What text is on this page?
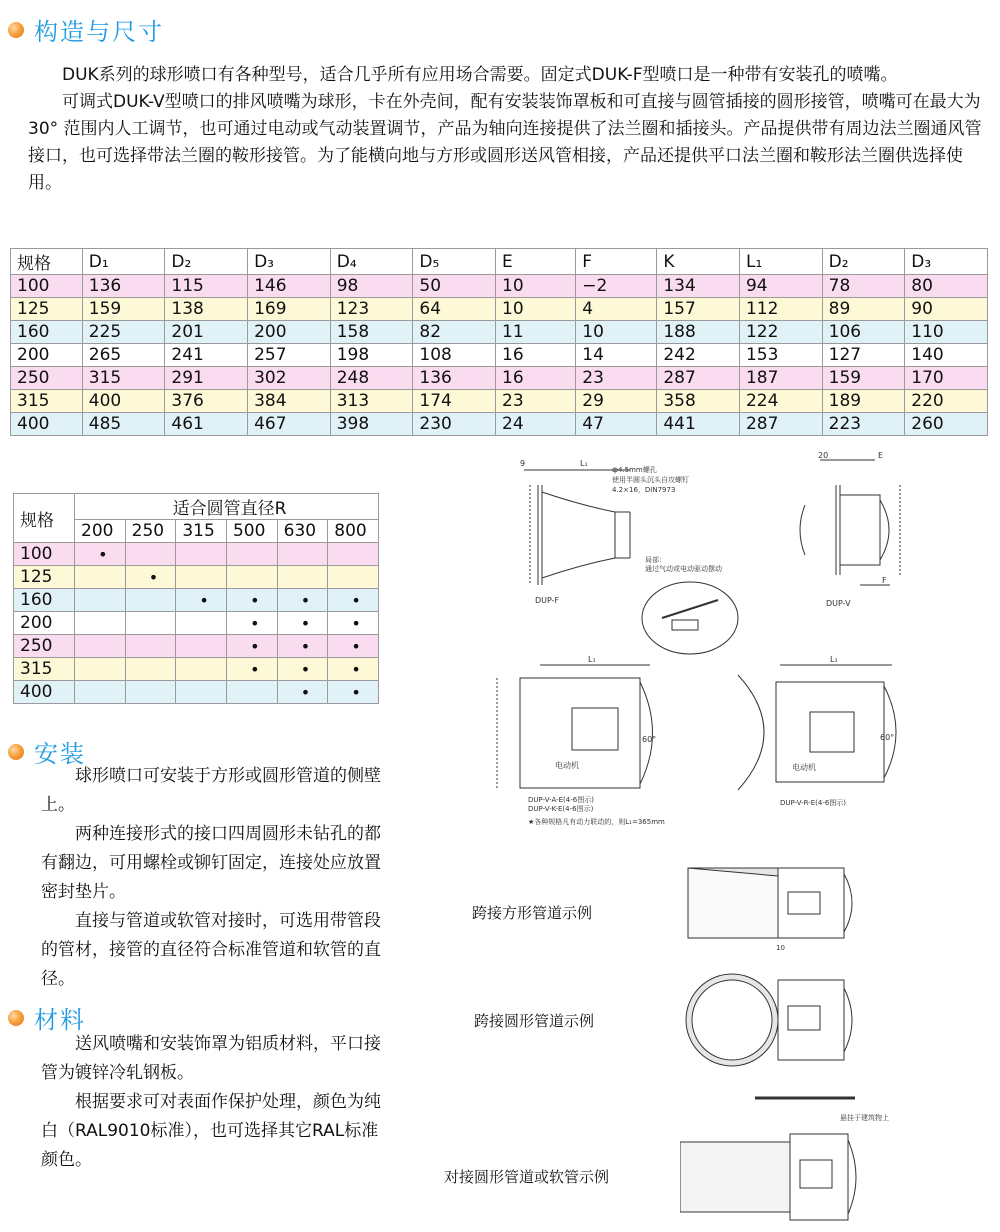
构造与尺寸

DUK系列的球形喷口有各种型号，适合几乎所有应用场合需要。固定式DUK-F型喷口是一种带有安装孔的喷嘴。

可调式DUK-V型喷口的排风喷嘴为球形，卡在外壳间，配有安装装饰罩板和可直接与圆管插接的圆形接管，喷嘴可在最大为30° 范围内人工调节，也可通过电动或气动装置调节，产品为轴向连接提供了法兰圈和插接头。产品提供带有周边法兰圈通风管接口，也可选择带法兰圈的鞍形接管。为了能横向地与方形或圆形送风管相接，产品还提供平口法兰圈和鞍形法兰圈供选择使用。

规格	D₁	D₂	D₃	D₄	D₅	E	F	K	L₁	D₂	D₃
100	136	115	146	98	50	10	−2	134	94	78	80
125	159	138	169	123	64	10	4	157	112	89	90
160	225	201	200	158	82	11	10	188	122	106	110
200	265	241	257	198	108	16	14	242	153	127	140
250	315	291	302	248	136	16	23	287	187	159	170
315	400	376	384	313	174	23	29	358	224	189	220
400	485	461	467	398	230	24	47	441	287	223	260
规格	适合圆管直径R					
	200	250	315	500	630	800
100	•					
125		•				
160			•	•	•	•
200				•	•	•
250				•	•	•
315				•	•	•
400					•	•
安装

球形喷口可安装于方形或圆形管道的侧壁上。

两种连接形式的接口四周圆形未钻孔的都有翻边，可用螺栓或铆钉固定，连接处应放置密封垫片。

直接与管道或软管对接时，可选用带管段的管材，接管的直径符合标准管道和软管的直径。

材料

送风喷嘴和安装饰罩为铝质材料，平口接管为镀锌冷轧钢板。

根据要求可对表面作保护处理，颜色为纯白（RAL9010标准），也可选择其它RAL标准颜色。

9	L₁
ф4.5mm螺孔
使用半圆头沉头自攻螺钉
4.2×16，DIN7973
DUP-F
局部：
通过气动或电动驱动摆动
20	E
F
DUP-V
L₁
60°
电动机
DUP-V-A-E(4-6图示)
DUP-V-K-E(4-6图示)
★各种规格凡有动力联动的，则L₁=365mm
L₁
60°
电动机
DUP-V-R-E(4-6图示)
10
悬挂于建筑物上
跨接方形管道示例
跨接圆形管道示例
对接圆形管道或软管示例
